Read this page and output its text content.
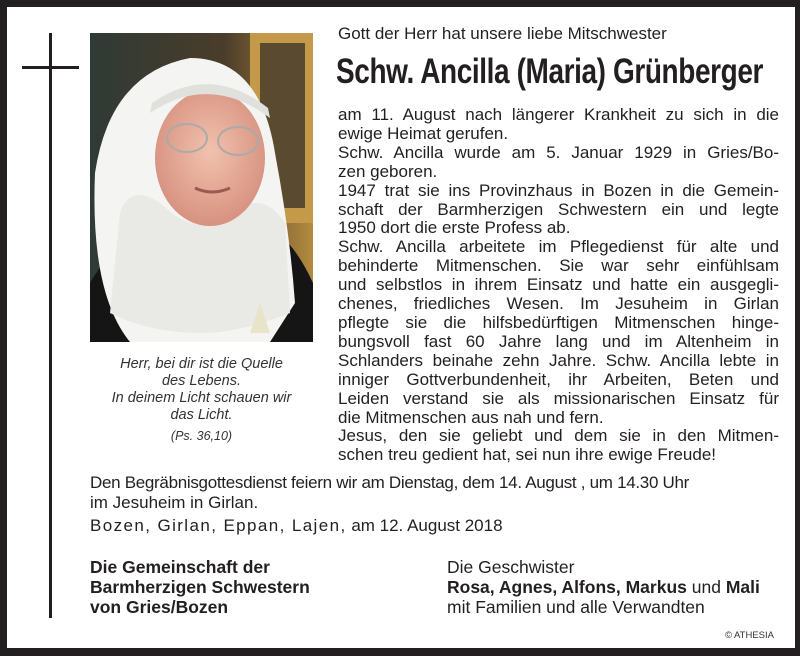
Herr, bei dir ist die Quelle
des Lebens.
In deinem Licht schauen wir
das Licht.
(Ps. 36,10)
Gott der Herr hat unsere liebe Mitschwester
Schw. Ancilla (Maria) Grünberger
am 11. August nach längerer Krankheit zu sich in die
ewige Heimat gerufen.
Schw. Ancilla wurde am 5. Januar 1929 in Gries/Bo-
zen geboren.
1947 trat sie ins Provinzhaus in Bozen in die Gemein-
schaft der Barmherzigen Schwestern ein und legte
1950 dort die erste Profess ab.
Schw. Ancilla arbeitete im Pflegedienst für alte und
behinderte Mitmenschen. Sie war sehr einfühlsam
und selbstlos in ihrem Einsatz und hatte ein ausgegli-
chenes, friedliches Wesen. Im Jesuheim in Girlan
pflegte sie die hilfsbedürftigen Mitmenschen hinge-
bungsvoll fast 60 Jahre lang und im Altenheim in
Schlanders beinahe zehn Jahre. Schw. Ancilla lebte in
inniger Gottverbundenheit, ihr Arbeiten, Beten und
Leiden verstand sie als missionarischen Einsatz für
die Mitmenschen aus nah und fern.
Jesus, den sie geliebt und dem sie in den Mitmen-
schen treu gedient hat, sei nun ihre ewige Freude!
Den Begräbnisgottesdienst feiern wir am Dienstag, dem 14. August , um 14.30 Uhr
im Jesuheim in Girlan.
Bozen, Girlan, Eppan, Lajen, am 12. August 2018
Die Gemeinschaft der
Barmherzigen Schwestern
von Gries/Bozen
Die Geschwister
Rosa, Agnes, Alfons, Markus und Mali
mit Familien und alle Verwandten
© ATHESIA
